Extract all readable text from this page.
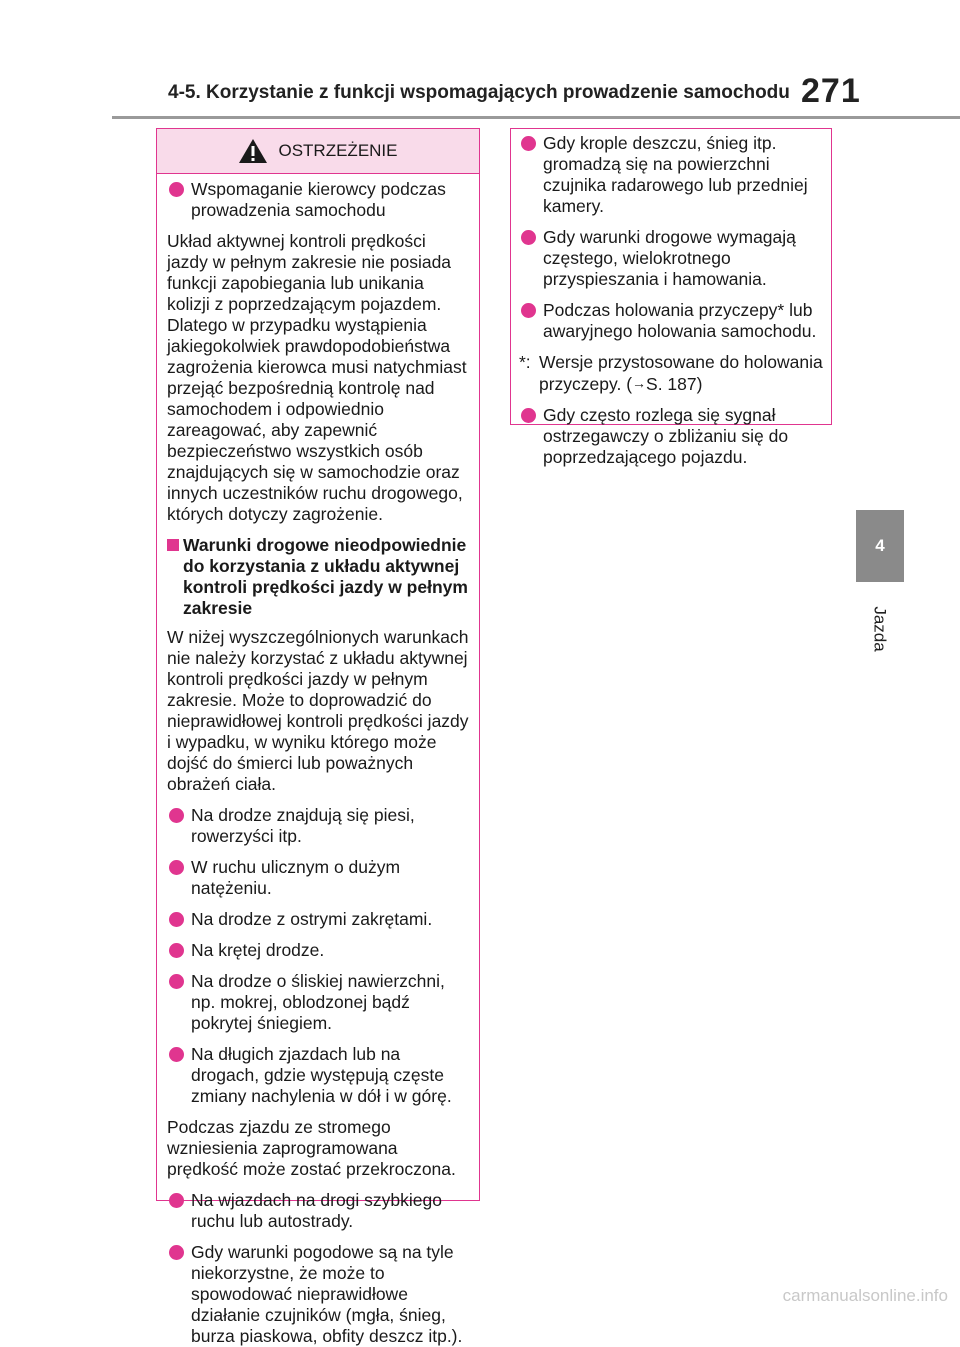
4-5. Korzystanie z funkcji wspomagających prowadzenie samochodu 271
4
Jazda
OSTRZEŻENIE
Wspomaganie kierowcy podczas prowadzenia samochodu
Układ aktywnej kontroli prędkości jazdy w pełnym zakresie nie posiada funkcji zapobiegania lub unikania kolizji z poprzedzającym pojazdem. Dlatego w przypadku wystąpienia jakiegokolwiek prawdopodobieństwa zagrożenia kierowca musi natychmiast przejąć bezpośrednią kontrolę nad samochodem i odpowiednio zareagować, aby zapewnić bezpieczeństwo wszystkich osób znajdujących się w samochodzie oraz innych uczestników ruchu drogowego, których dotyczy zagrożenie.
Warunki drogowe nieodpowiednie do korzystania z układu aktywnej kontroli prędkości jazdy w pełnym zakresie
W niżej wyszczególnionych warunkach nie należy korzystać z układu aktywnej kontroli prędkości jazdy w pełnym zakresie. Może to doprowadzić do nieprawidłowej kontroli prędkości jazdy i wypadku, w wyniku którego może dojść do śmierci lub poważnych obrażeń ciała.
Na drodze znajdują się piesi, rowerzyści itp.
W ruchu ulicznym o dużym natężeniu.
Na drodze z ostrymi zakrętami.
Na krętej drodze.
Na drodze o śliskiej nawierzchni, np. mokrej, oblodzonej bądź pokrytej śniegiem.
Na długich zjazdach lub na drogach, gdzie występują częste zmiany nachylenia w dół i w górę.
Podczas zjazdu ze stromego wzniesienia zaprogramowana prędkość może zostać przekroczona.
Na wjazdach na drogi szybkiego ruchu lub autostrady.
Gdy warunki pogodowe są na tyle niekorzystne, że może to spowodować nieprawidłowe działanie czujników (mgła, śnieg, burza piaskowa, obfity deszcz itp.).
Gdy krople deszczu, śnieg itp. gromadzą się na powierzchni czujnika radarowego lub przedniej kamery.
Gdy warunki drogowe wymagają częstego, wielokrotnego przyspieszania i hamowania.
Podczas holowania przyczepy* lub awaryjnego holowania samochodu.
*: Wersje przystosowane do holowania przyczepy. (→S. 187)
Gdy często rozlega się sygnał ostrzegawczy o zbliżaniu się do poprzedzającego pojazdu.
carmanualsonline.info
